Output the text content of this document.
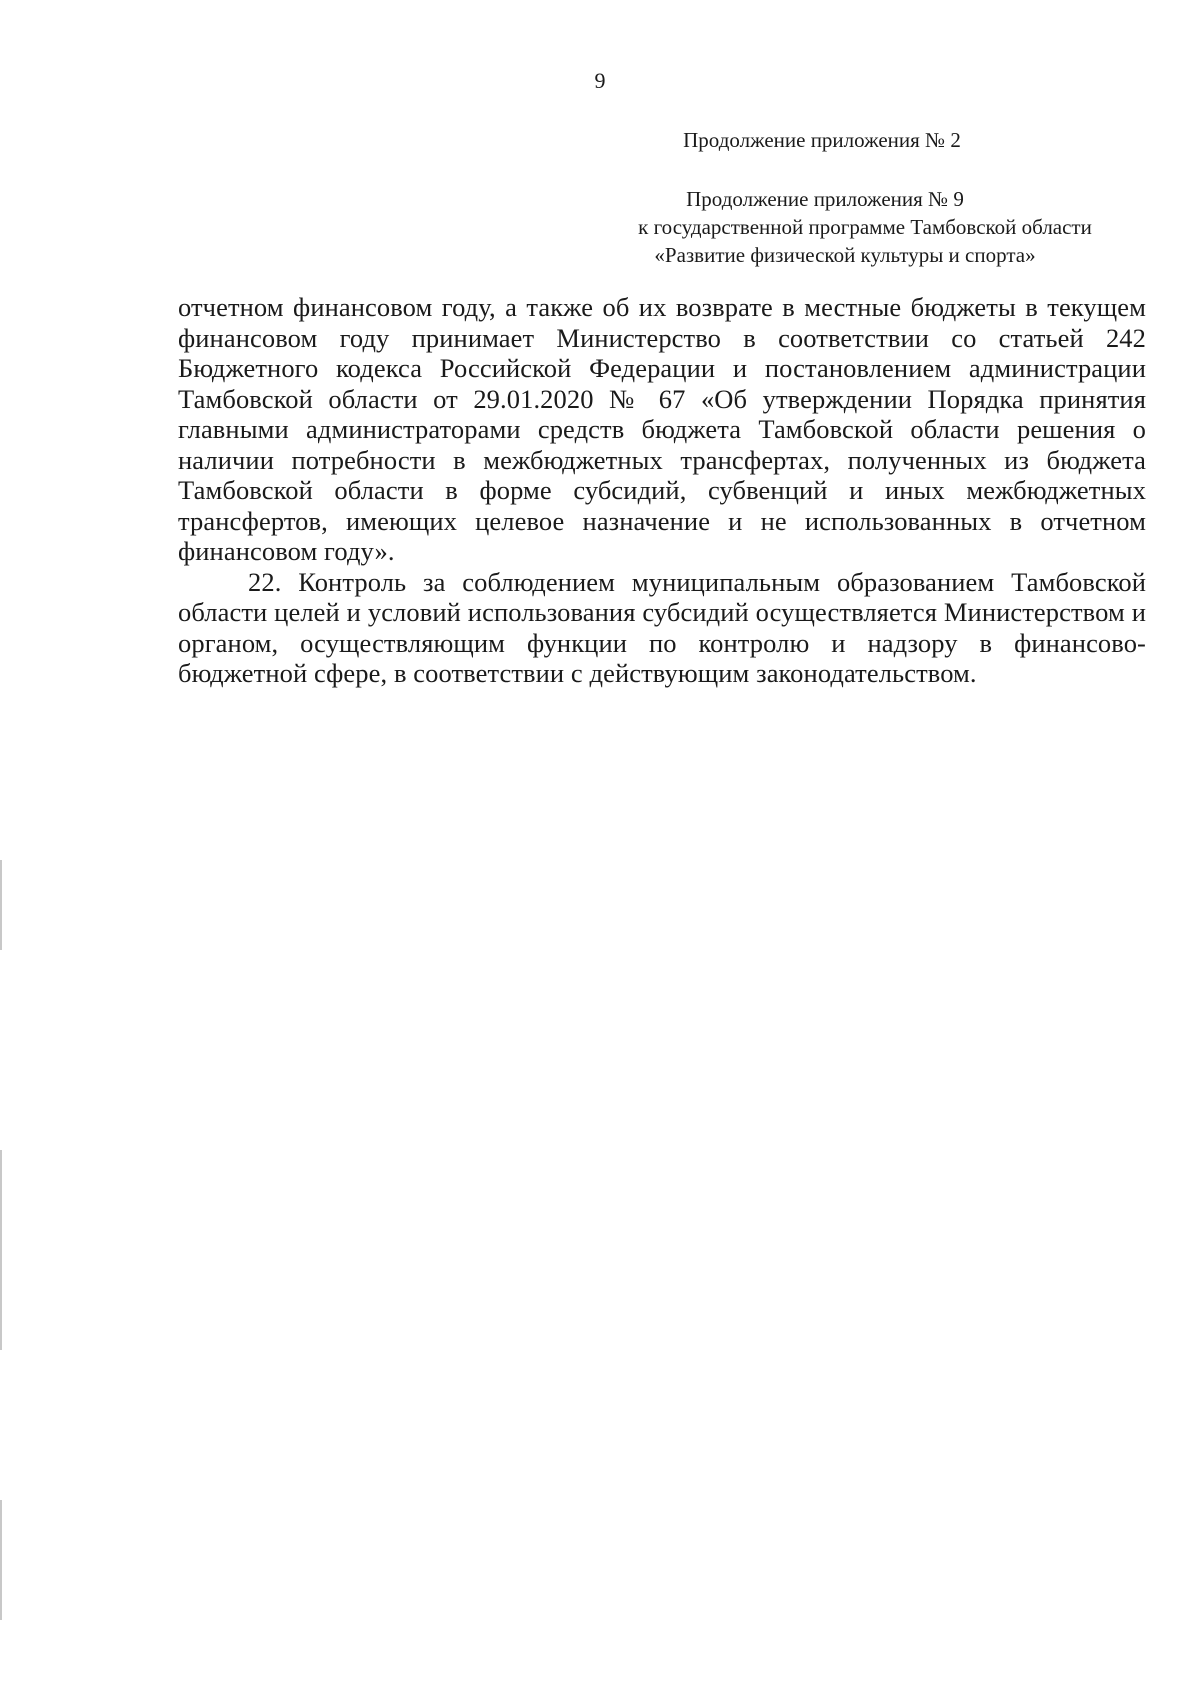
9
Продолжение приложения № 2
Продолжение приложения № 9
к государственной программе Тамбовской области
«Развитие физической культуры и спорта»

отчетном финансовом году, а также об их возврате в местные бюджеты в текущем финансовом году принимает Министерство в соответствии со статьей 242 Бюджетного кодекса Российской Федерации и постановлением администрации Тамбовской области от 29.01.2020 № 67 «Об утверждении Порядка принятия главными администраторами средств бюджета Тамбовской области решения о наличии потребности в межбюджетных трансфертах, полученных из бюджета Тамбовской области в форме субсидий, субвенций и иных межбюджетных трансфертов, имеющих целевое назначение и не использованных в отчетном финансовом году».

22. Контроль за соблюдением муниципальным образованием Тамбовской области целей и условий использования субсидий осуществляется Министерством и органом, осуществляющим функции по контролю и надзору в финансово-бюджетной сфере, в соответствии с действующим законодательством.
